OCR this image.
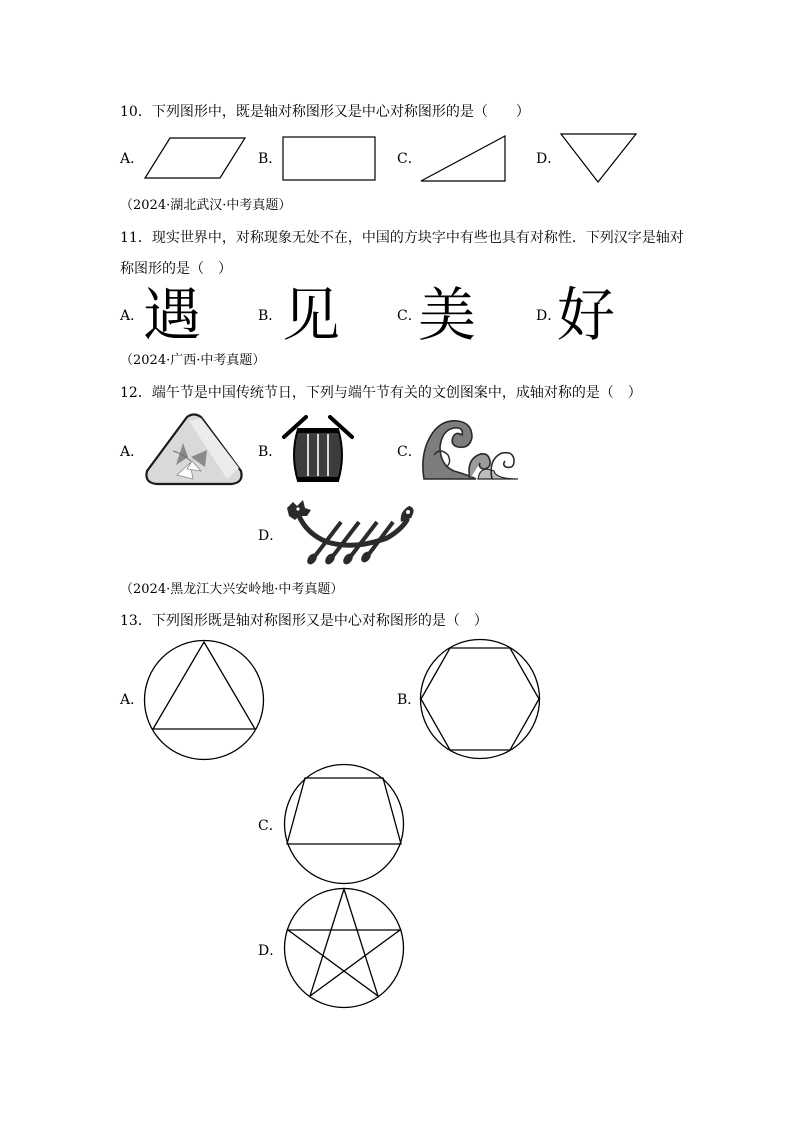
10．下列图形中，既是轴对称图形又是中心对称图形的是（　　）
A．	B．	C．	D．
（2024·湖北武汉·中考真题）
11．现实世界中，对称现象无处不在，中国的方块字中有些也具有对称性．下列汉字是轴对
称图形的是（　）
A．
遇	B． 见	C．
美	D．
好
（2024·广西·中考真题）
12．端午节是中国传统节日，下列与端午节有关的文创图案中，成轴对称的是（　）
A．	B．	C．
D．
（2024·黑龙江大兴安岭地·中考真题）
13．下列图形既是轴对称图形又是中心对称图形的是（　）
A．	B．
C．
D．
